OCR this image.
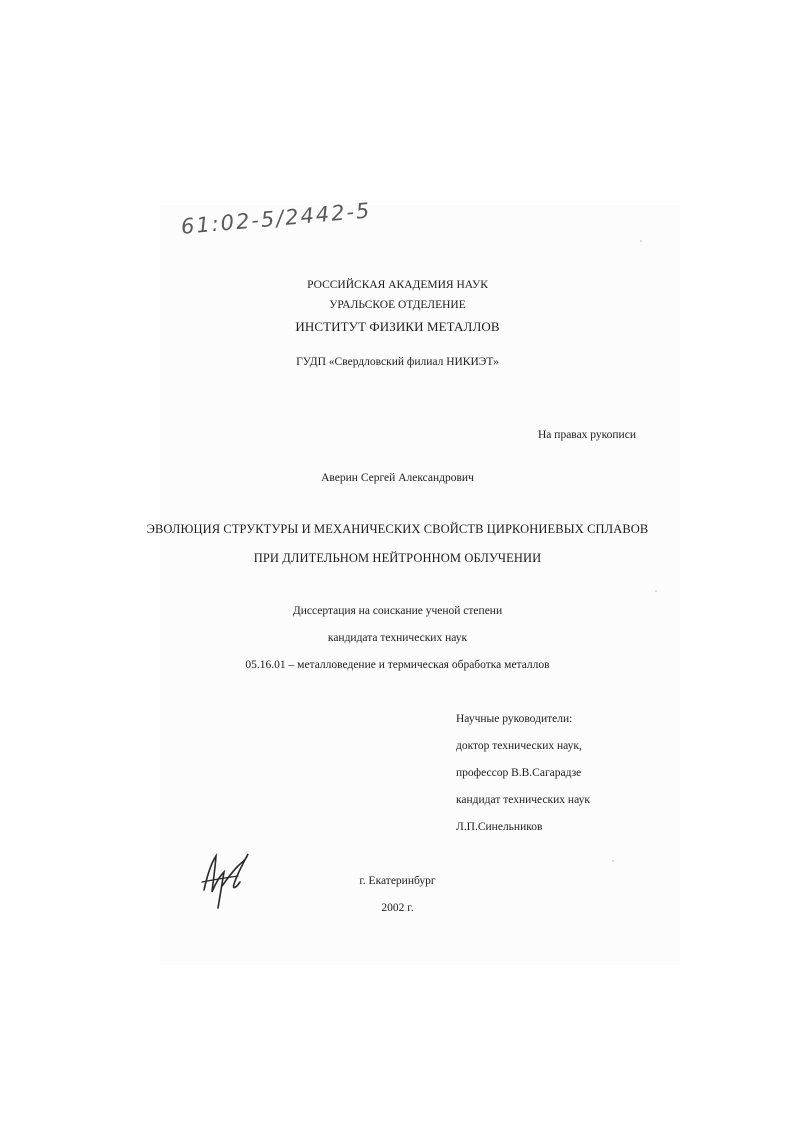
61:02-5/2442-5
РОССИЙСКАЯ АКАДЕМИЯ НАУК
УРАЛЬСКОЕ ОТДЕЛЕНИЕ
ИНСТИТУТ ФИЗИКИ МЕТАЛЛОВ
ГУДП «Свердловский филиал НИКИЭТ»
На правах рукописи
Аверин Сергей Александрович
ЭВОЛЮЦИЯ СТРУКТУРЫ И МЕХАНИЧЕСКИХ СВОЙСТВ ЦИРКОНИЕВЫХ СПЛАВОВ
ПРИ ДЛИТЕЛЬНОМ НЕЙТРОННОМ ОБЛУЧЕНИИ
Диссертация на соискание ученой степени
кандидата технических наук
05.16.01 – металловедение и термическая обработка металлов
Научные руководители:
доктор технических наук,
профессор В.В.Сагарадзе
кандидат технических наук
Л.П.Синельников
г. Екатеринбург
2002 г.
